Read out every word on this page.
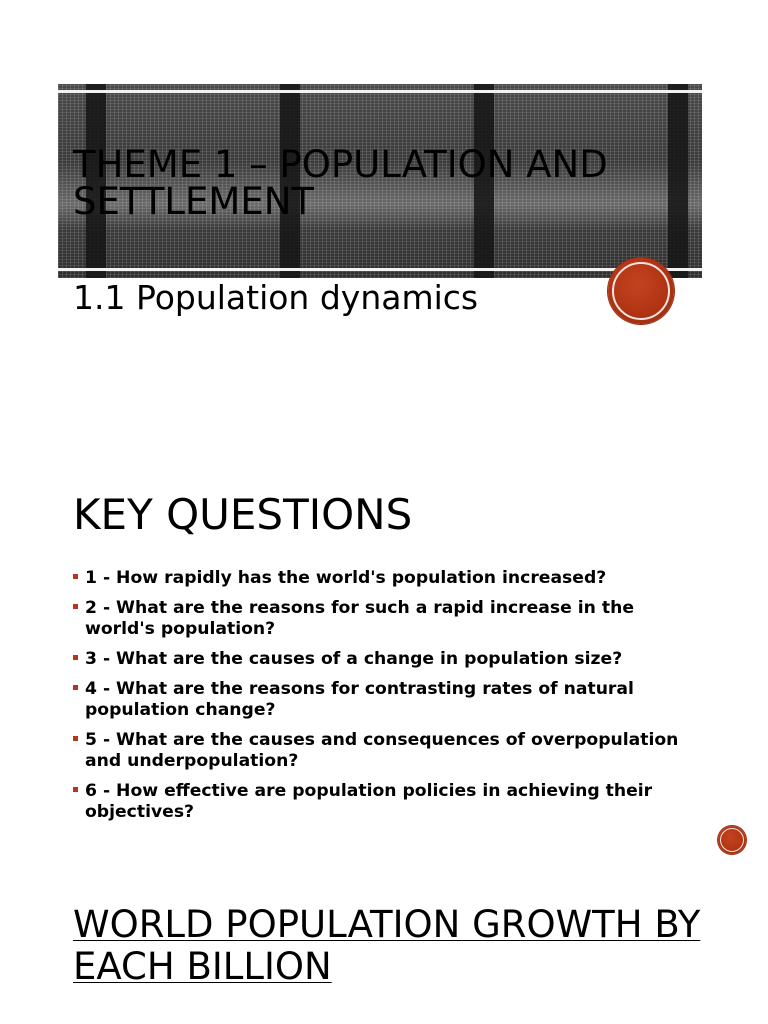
THEME 1 – POPULATION AND SETTLEMENT
1.1 Population dynamics
KEY QUESTIONS
1 - How rapidly has the world's population increased?
2 - What are the reasons for such a rapid increase in the world's population?
3 - What are the causes of a change in population size?
4 - What are the reasons for contrasting rates of natural population change?
5 - What are the causes and consequences of overpopulation and underpopulation?
6 - How effective are population policies in achieving their objectives?
WORLD POPULATION GROWTH BY EACH BILLION
